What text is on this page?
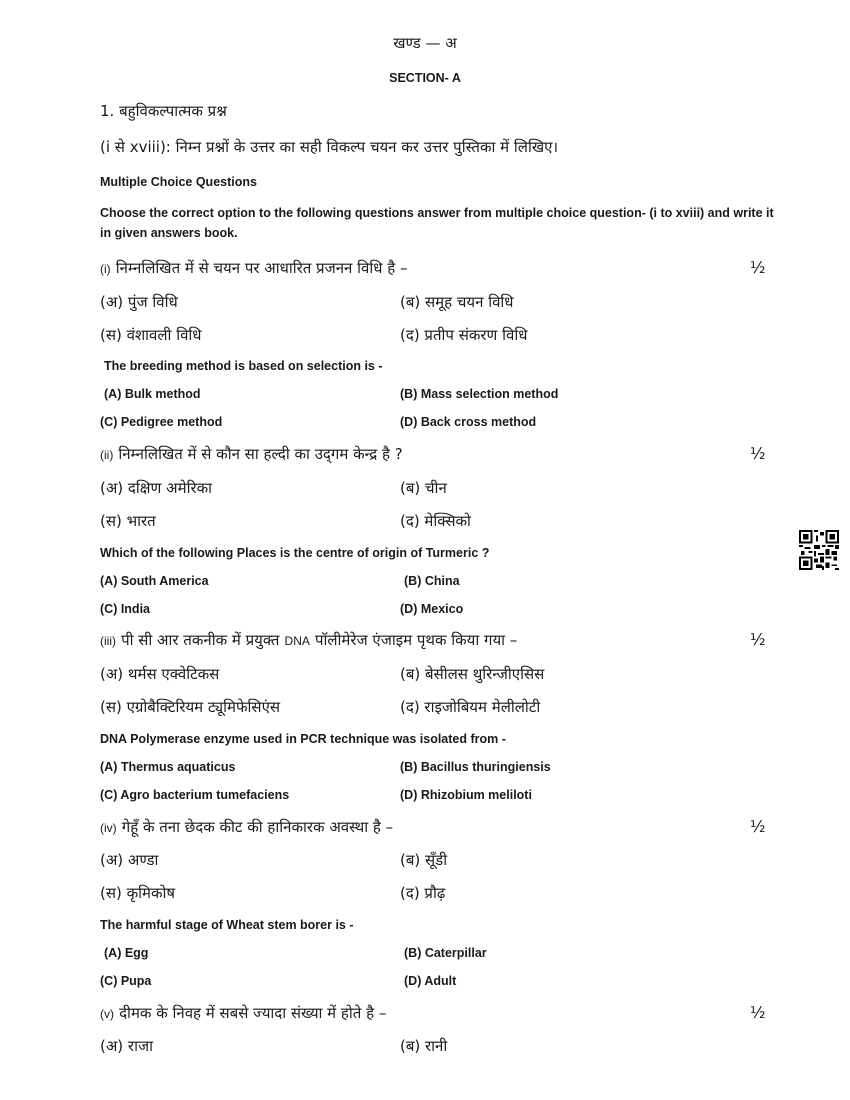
खण्ड — अ
SECTION- A
1. बहुविकल्पात्मक प्रश्न
(i से xviii): निम्न प्रश्नों के उत्तर का सही विकल्प चयन कर उत्तर पुस्तिका में लिखिए।
Multiple Choice Questions
Choose the correct option to the following questions answer from multiple choice question- (i to xviii) and write it
in given answers book.
(i) निम्नलिखित में से चयन पर आधारित प्रजनन विधि है –	½
(अ) पुंज विधि	(ब) समूह चयन विधि
(स) वंशावली विधि	(द) प्रतीप संकरण विधि
The breeding method is based on selection is -
(A) Bulk method	(B) Mass selection method
(C) Pedigree method	(D) Back cross method
(ii) निम्नलिखित में से कौन सा हल्दी का उद्‌गम केन्द्र है ?	½
(अ) दक्षिण अमेरिका	(ब) चीन
(स) भारत	(द) मेक्सिको
Which of the following Places is the centre of origin of Turmeric ?
(A) South America	(B) China
(C) India	(D) Mexico
(iii) पी सी आर तकनीक में प्रयुक्त DNA पॉलीमेरेज एंजाइम पृथक किया गया –	½
(अ) थर्मस एक्वेटिकस	(ब) बेसीलस थुरिन्जीएसिस
(स) एग्रोबैक्टिरियम ट्यूमिफेसिएंस	(द) राइजोबियम मेलीलोटी
DNA Polymerase enzyme used in PCR technique was isolated from -
(A) Thermus aquaticus	(B) Bacillus thuringiensis
(C) Agro bacterium tumefaciens	(D) Rhizobium meliloti
(iv) गेहूँ के तना छेदक कीट की हानिकारक अवस्था है –	½
(अ) अण्डा	(ब) सूँडी
(स) कृमिकोष	(द) प्रौढ़
The harmful stage of Wheat stem borer is -
(A) Egg	(B) Caterpillar
(C) Pupa	(D) Adult
(v) दीमक के निवह में सबसे ज्यादा संख्या में होते है –	½
(अ) राजा	(ब) रानी
